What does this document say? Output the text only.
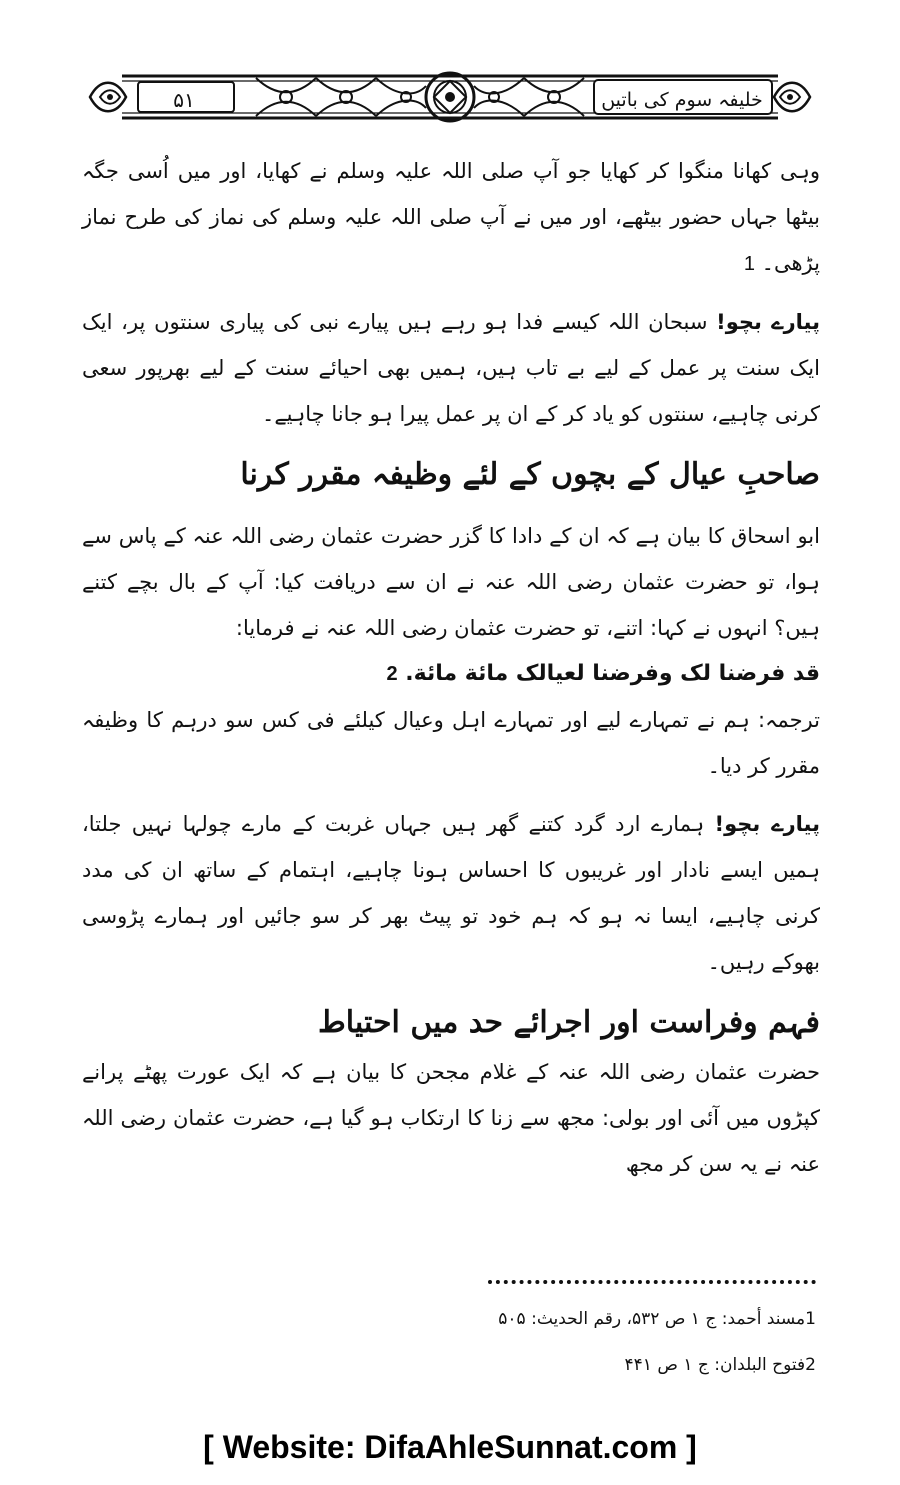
۵۱	خلیفہ سوم کی باتیں

وہی کھانا منگوا کر کھایا جو آپ صلی اللہ علیہ وسلم نے کھایا، اور میں اُسی جگہ بیٹھا جہاں حضور بیٹھے، اور میں نے آپ صلی اللہ علیہ وسلم کی نماز کی طرح نماز پڑھی۔ 1

پیارے بچو! سبحان اللہ کیسے فدا ہو رہے ہیں پیارے نبی کی پیاری سنتوں پر، ایک ایک سنت پر عمل کے لیے بے تاب ہیں، ہمیں بھی احیائے سنت کے لیے بھرپور سعی کرنی چاہیے، سنتوں کو یاد کر کے ان پر عمل پیرا ہو جانا چاہیے۔

صاحبِ عیال کے بچوں کے لئے وظیفہ مقرر کرنا

ابو اسحاق کا بیان ہے کہ ان کے دادا کا گزر حضرت عثمان رضی اللہ عنہ کے پاس سے ہوا، تو حضرت عثمان رضی اللہ عنہ نے ان سے دریافت کیا: آپ کے بال بچے کتنے ہیں؟ انہوں نے کہا: اتنے، تو حضرت عثمان رضی اللہ عنہ نے فرمایا:

قد فرضنا لک وفرضنا لعیالک مائة مائة. 2

ترجمہ: ہم نے تمہارے لیے اور تمہارے اہل وعیال کیلئے فی کس سو درہم کا وظیفہ مقرر کر دیا۔

پیارے بچو! ہمارے ارد گرد کتنے گھر ہیں جہاں غربت کے مارے چولہا نہیں جلتا، ہمیں ایسے نادار اور غریبوں کا احساس ہونا چاہیے، اہتمام کے ساتھ ان کی مدد کرنی چاہیے، ایسا نہ ہو کہ ہم خود تو پیٹ بھر کر سو جائیں اور ہمارے پڑوسی بھوکے رہیں۔

فہم وفراست اور اجرائے حد میں احتیاط

حضرت عثمان رضی اللہ عنہ کے غلام مجحن کا بیان ہے کہ ایک عورت پھٹے پرانے کپڑوں میں آئی اور بولی: مجھ سے زنا کا ارتکاب ہو گیا ہے، حضرت عثمان رضی اللہ عنہ نے یہ سن کر مجھ

1مسند أحمد: ج ۱ ص ۵۳۲، رقم الحدیث: ۵۰۵

2فتوح البلدان: ج ۱ ص ۴۴۱

[ Website: DifaAhleSunnat.com ]
